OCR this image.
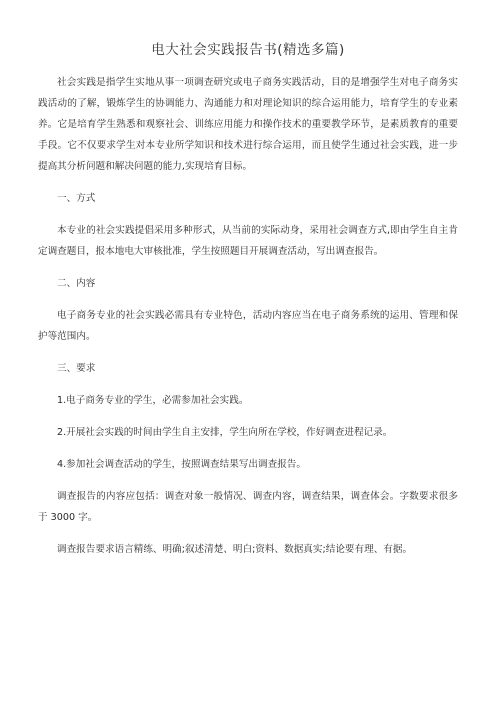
电大社会实践报告书(精选多篇)

社会实践是指学生实地从事一项调查研究或电子商务实践活动，目的是增强学生对电子商务实践活动的了解，锻炼学生的协调能力、沟通能力和对理论知识的综合运用能力，培育学生的专业素养。它是培育学生熟悉和观察社会、训练应用能力和操作技术的重要教学环节，是素质教育的重要手段。它不仅要求学生对本专业所学知识和技术进行综合运用，而且使学生通过社会实践，进一步提高其分析问题和解决问题的能力,实现培育目标。

一、方式

本专业的社会实践提倡采用多种形式，从当前的实际动身，采用社会调查方式,即由学生自主肯定调查题目，报本地电大审核批准，学生按照题目开展调查活动，写出调查报告。

二、内容

电子商务专业的社会实践必需具有专业特色，活动内容应当在电子商务系统的运用、管理和保护等范围内。

三、要求

1.电子商务专业的学生，必需参加社会实践。

2.开展社会实践的时间由学生自主安排，学生向所在学校，作好调查进程记录。

4.参加社会调查活动的学生，按照调查结果写出调查报告。

调查报告的内容应包括：调查对象一般情况、调查内容，调查结果，调查体会。字数要求很多于 3000 字。

调查报告要求语言精练、明确;叙述清楚、明白;资料、数据真实;结论要有理、有据。
